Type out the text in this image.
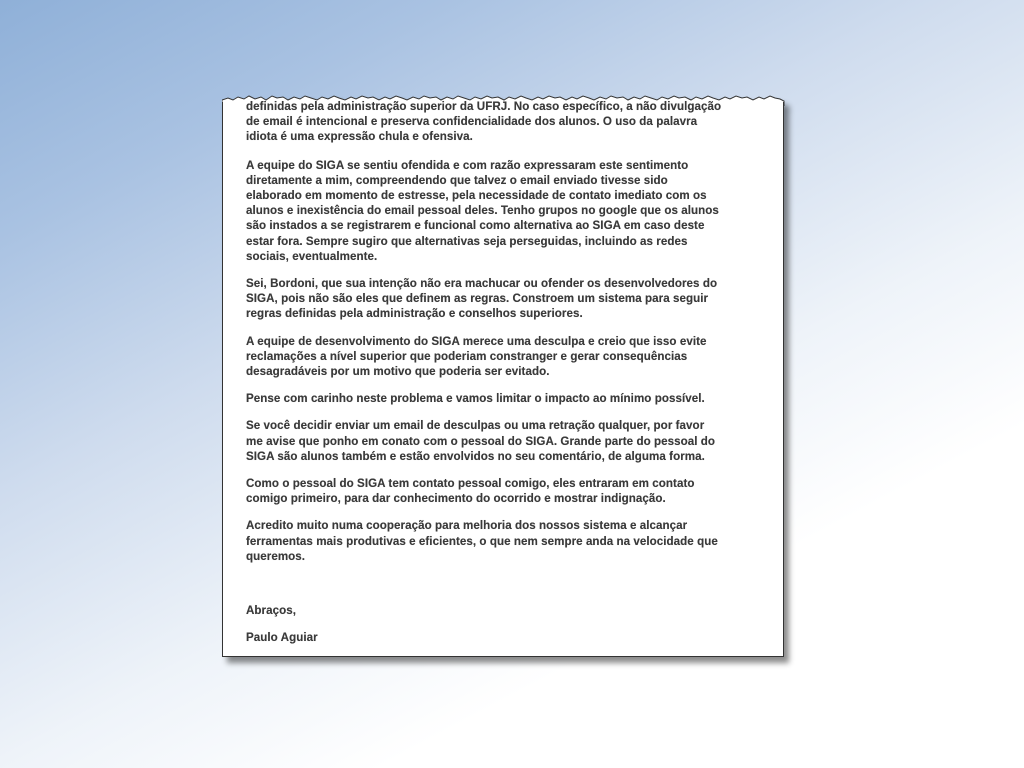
definidas pela administração superior da UFRJ. No caso específico, a não divulgação
de email é intencional e preserva confidencialidade dos alunos. O uso da palavra
idiota é uma expressão chula e ofensiva.

A equipe do SIGA se sentiu ofendida e com razão expressaram este sentimento
diretamente a mim, compreendendo que talvez o email enviado tivesse sido
elaborado em momento de estresse, pela necessidade de contato imediato com os
alunos e inexistência do email pessoal deles. Tenho grupos no google que os alunos
são instados a se registrarem e funcional como alternativa ao SIGA em caso deste
estar fora. Sempre sugiro que alternativas seja perseguidas, incluindo as redes
sociais, eventualmente.

Sei, Bordoni, que sua intenção não era machucar ou ofender os desenvolvedores do
SIGA, pois não são eles que definem as regras. Constroem um sistema para seguir
regras definidas pela administração e conselhos superiores.

A equipe de desenvolvimento do SIGA merece uma desculpa e creio que isso evite
reclamações a nível superior que poderiam constranger e gerar consequências
desagradáveis por um motivo que poderia ser evitado.

Pense com carinho neste problema e vamos limitar o impacto ao mínimo possível.

Se você decidir enviar um email de desculpas ou uma retração qualquer, por favor
me avise que ponho em conato com o pessoal do SIGA. Grande parte do pessoal do
SIGA são alunos também e estão envolvidos no seu comentário, de alguma forma.

Como o pessoal do SIGA tem contato pessoal comigo, eles entraram em contato
comigo primeiro, para dar conhecimento do ocorrido e mostrar indignação.

Acredito muito numa cooperação para melhoria dos nossos sistema e alcançar
ferramentas mais produtivas e eficientes, o que nem sempre anda na velocidade que
queremos.

Abraços,

Paulo Aguiar
